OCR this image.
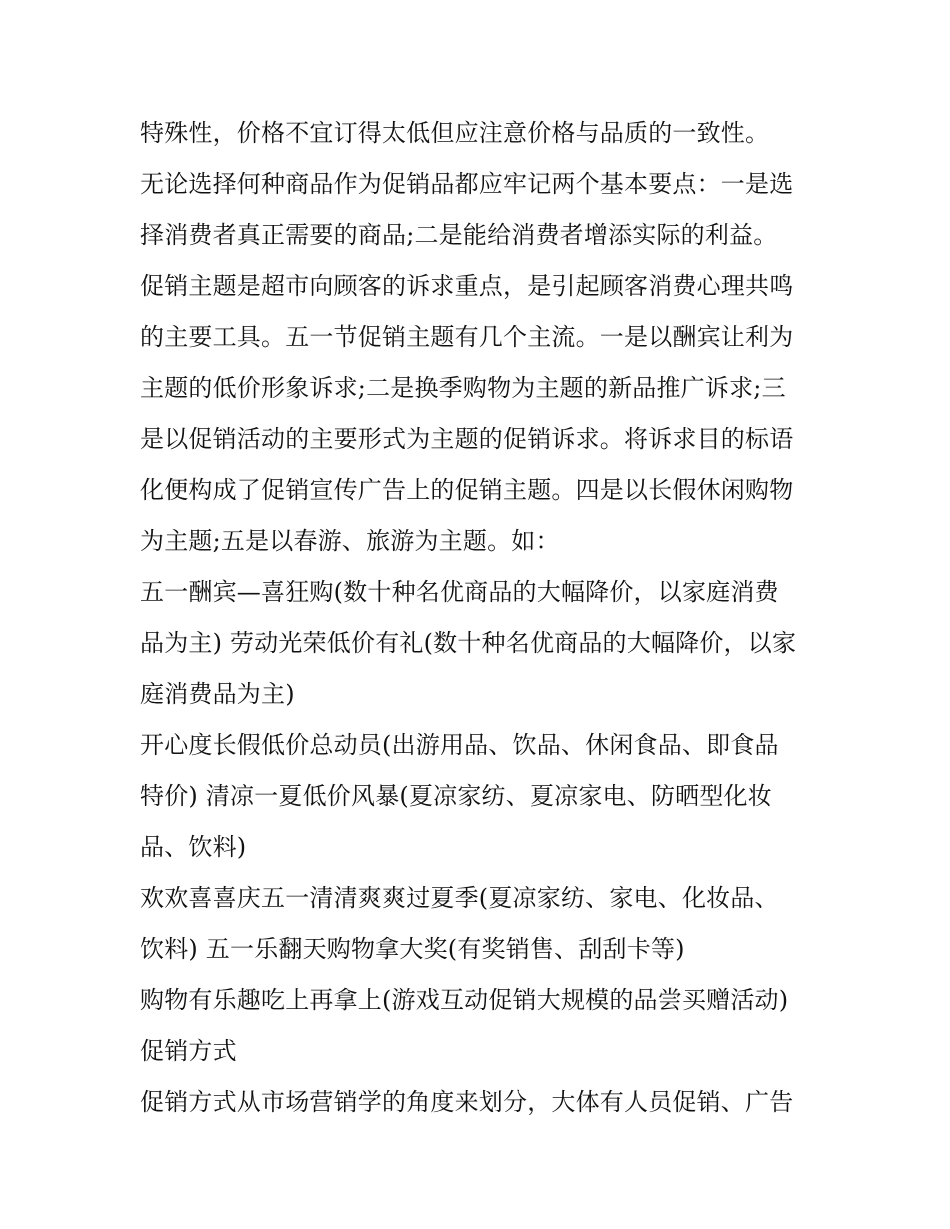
特殊性，价格不宜订得太低但应注意价格与品质的一致性。
无论选择何种商品作为促销品都应牢记两个基本要点：一是选
择消费者真正需要的商品;二是能给消费者增添实际的利益。
促销主题是超市向顾客的诉求重点，是引起顾客消费心理共鸣
的主要工具。五一节促销主题有几个主流。一是以酬宾让利为
主题的低价形象诉求;二是换季购物为主题的新品推广诉求;三
是以促销活动的主要形式为主题的促销诉求。将诉求目的标语
化便构成了促销宣传广告上的促销主题。四是以长假休闲购物
为主题;五是以春游、旅游为主题。如：
五一酬宾—喜狂购(数十种名优商品的大幅降价，以家庭消费
品为主) 劳动光荣低价有礼(数十种名优商品的大幅降价，以家
庭消费品为主)
开心度长假低价总动员(出游用品、饮品、休闲食品、即食品
特价) 清凉一夏低价风暴(夏凉家纺、夏凉家电、防晒型化妆
品、饮料)
欢欢喜喜庆五一清清爽爽过夏季(夏凉家纺、家电、化妆品、
饮料) 五一乐翻天购物拿大奖(有奖销售、刮刮卡等)
购物有乐趣吃上再拿上(游戏互动促销大规模的品尝买赠活动)
促销方式
促销方式从市场营销学的角度来划分，大体有人员促销、广告
